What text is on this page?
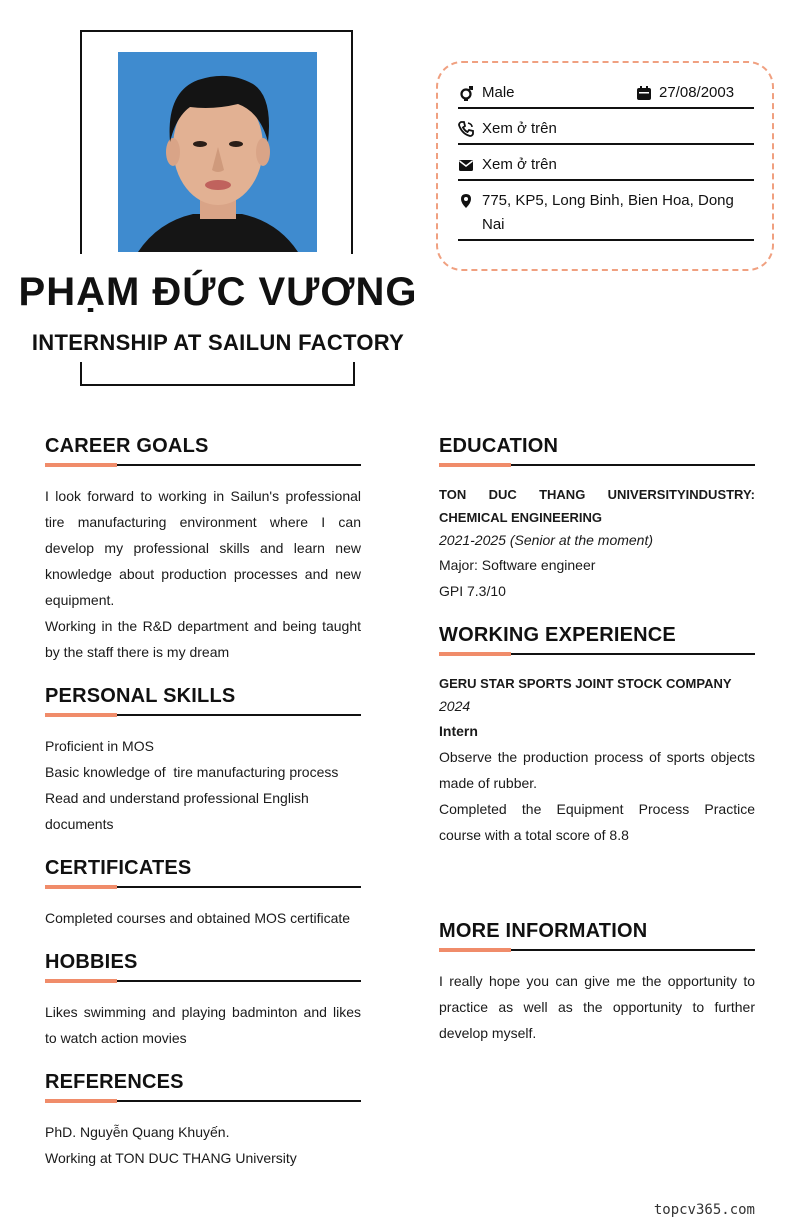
PHẠM ĐỨC VƯƠNG
INTERNSHIP AT SAILUN FACTORY
Male	27/08/2003
Xem ở trên
Xem ở trên
775, KP5, Long Binh, Bien Hoa, Dong Nai
CAREER GOALS
I look forward to working in Sailun's professional tire manufacturing environment where I can develop my professional skills and learn new knowledge about production processes and new equipment.
Working in the R&D department and being taught by the staff there is my dream
PERSONAL SKILLS
Proficient in MOS
Basic knowledge of  tire manufacturing process
Read and understand professional English documents
CERTIFICATES
Completed courses and obtained MOS certificate
HOBBIES
Likes swimming and playing badminton and likes to watch action movies
REFERENCES
PhD. Nguyễn Quang Khuyến.
Working at TON DUC THANG University
EDUCATION
TON DUC THANG UNIVERSITYINDUSTRY: CHEMICAL ENGINEERING
2021-2025 (Senior at the moment)
Major: Software engineer
GPI 7.3/10
WORKING EXPERIENCE
GERU STAR SPORTS JOINT STOCK COMPANY
2024
Intern
Observe the production process of sports objects made of rubber.
Completed the Equipment Process Practice course with a total score of 8.8
MORE INFORMATION
I really hope you can give me the opportunity to practice as well as the opportunity to further develop myself.
topcv365.com
